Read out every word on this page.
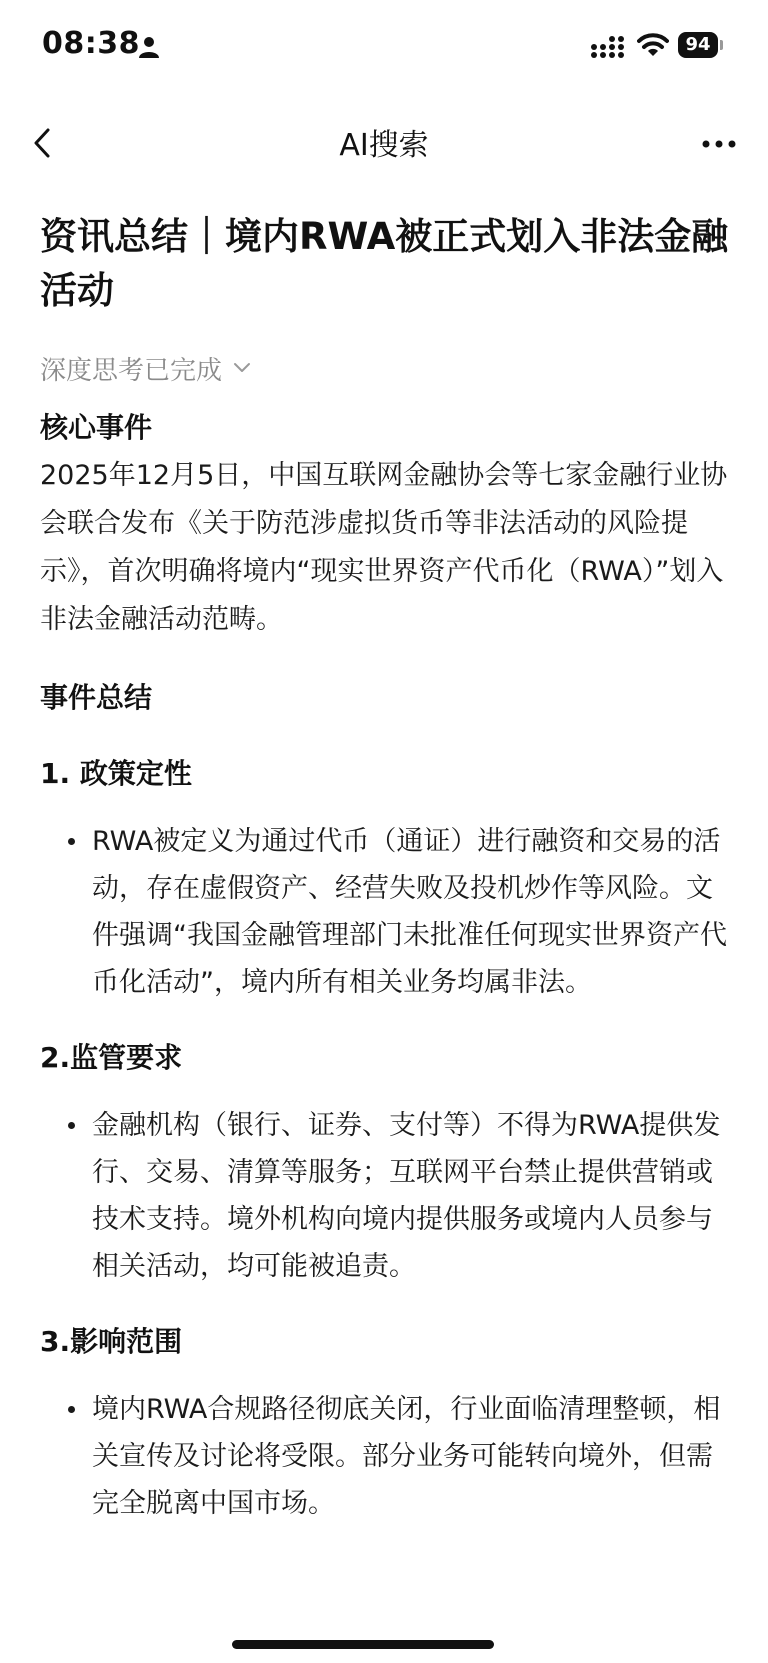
08:38	94
AI搜索
资讯总结｜境内RWA被正式划入非法金融活动
深度思考已完成
核心事件

2025年12月5日，中国互联网金融协会等七家金融行业协会联合发布《关于防范涉虚拟货币等非法活动的风险提示》，首次明确将境内“现实世界资产代币化（RWA）”划入非法金融活动范畴。

事件总结
1. 政策定性
RWA被定义为通过代币（通证）进行融资和交易的活动，存在虚假资产、经营失败及投机炒作等风险。文件强调“我国金融管理部门未批准任何现实世界资产代币化活动”，境内所有相关业务均属非法。
2.监管要求
金融机构（银行、证券、支付等）不得为RWA提供发行、交易、清算等服务；互联网平台禁止提供营销或技术支持。境外机构向境内提供服务或境内人员参与相关活动，均可能被追责。
3.影响范围
境内RWA合规路径彻底关闭，行业面临清理整顿，相关宣传及讨论将受限。部分业务可能转向境外，但需完全脱离中国市场。
